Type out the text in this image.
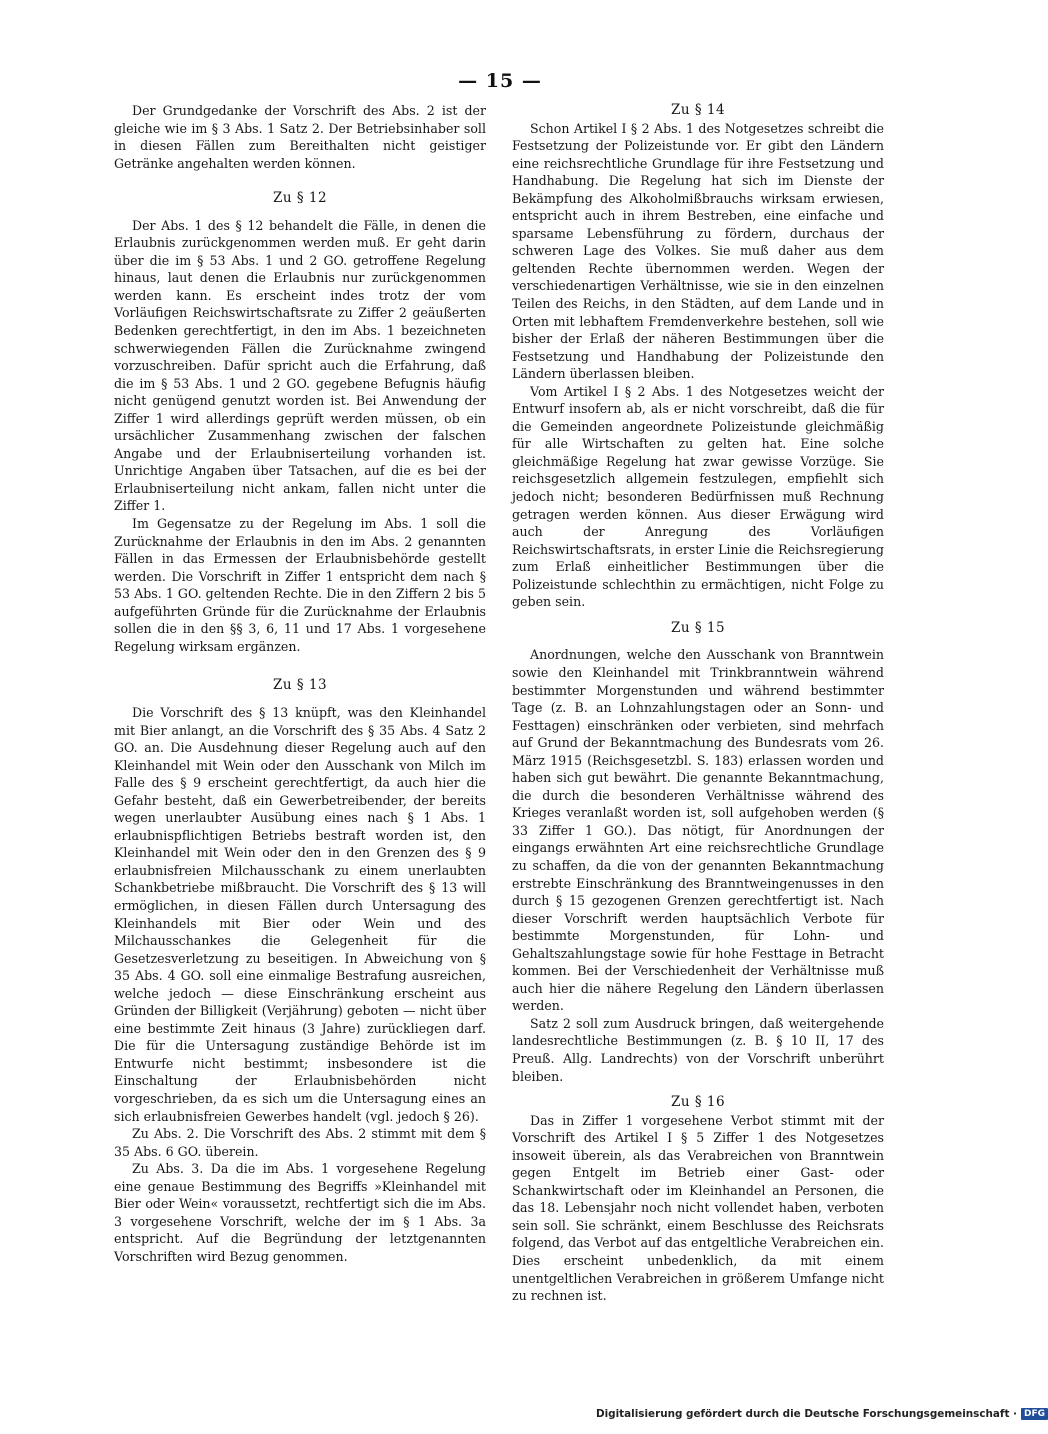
— 15 —

Der Grundgedanke der Vorschrift des Abs. 2 ist der gleiche wie im § 3 Abs. 1 Satz 2. Der Betriebsinhaber soll in diesen Fällen zum Bereithalten nicht geistiger Getränke angehalten werden können.

Zu § 12

Der Abs. 1 des § 12 behandelt die Fälle, in denen die Erlaubnis zurückgenommen werden muß. Er geht darin über die im § 53 Abs. 1 und 2 GO. getroffene Regelung hinaus, laut denen die Erlaubnis nur zurückgenommen werden kann. Es erscheint indes trotz der vom Vorläufigen Reichswirtschaftsrate zu Ziffer 2 geäußerten Bedenken gerechtfertigt, in den im Abs. 1 bezeichneten schwerwiegenden Fällen die Zurücknahme zwingend vorzuschreiben. Dafür spricht auch die Erfahrung, daß die im § 53 Abs. 1 und 2 GO. gegebene Befugnis häufig nicht genügend genutzt worden ist. Bei Anwendung der Ziffer 1 wird allerdings geprüft werden müssen, ob ein ursächlicher Zusammenhang zwischen der falschen Angabe und der Erlaubniserteilung vorhanden ist. Unrichtige Angaben über Tatsachen, auf die es bei der Erlaubniserteilung nicht ankam, fallen nicht unter die Ziffer 1.

Im Gegensatze zu der Regelung im Abs. 1 soll die Zurücknahme der Erlaubnis in den im Abs. 2 genannten Fällen in das Ermessen der Erlaubnisbehörde gestellt werden. Die Vorschrift in Ziffer 1 entspricht dem nach § 53 Abs. 1 GO. geltenden Rechte. Die in den Ziffern 2 bis 5 aufgeführten Gründe für die Zurücknahme der Erlaubnis sollen die in den §§ 3, 6, 11 und 17 Abs. 1 vorgesehene Regelung wirksam ergänzen.

Zu § 13

Die Vorschrift des § 13 knüpft, was den Kleinhandel mit Bier anlangt, an die Vorschrift des § 35 Abs. 4 Satz 2 GO. an. Die Ausdehnung dieser Regelung auch auf den Kleinhandel mit Wein oder den Ausschank von Milch im Falle des § 9 erscheint gerechtfertigt, da auch hier die Gefahr besteht, daß ein Gewerbetreibender, der bereits wegen unerlaubter Ausübung eines nach § 1 Abs. 1 erlaubnispflichtigen Betriebs bestraft worden ist, den Kleinhandel mit Wein oder den in den Grenzen des § 9 erlaubnisfreien Milchausschank zu einem unerlaubten Schankbetriebe mißbraucht. Die Vorschrift des § 13 will ermöglichen, in diesen Fällen durch Untersagung des Kleinhandels mit Bier oder Wein und des Milchausschankes die Gelegenheit für die Gesetzesverletzung zu beseitigen. In Abweichung von § 35 Abs. 4 GO. soll eine einmalige Bestrafung ausreichen, welche jedoch — diese Einschränkung erscheint aus Gründen der Billigkeit (Verjährung) geboten — nicht über eine bestimmte Zeit hinaus (3 Jahre) zurückliegen darf. Die für die Untersagung zuständige Behörde ist im Entwurfe nicht bestimmt; insbesondere ist die Einschaltung der Erlaubnisbehörden nicht vorgeschrieben, da es sich um die Untersagung eines an sich erlaubnisfreien Gewerbes handelt (vgl. jedoch § 26).

Zu Abs. 2. Die Vorschrift des Abs. 2 stimmt mit dem § 35 Abs. 6 GO. überein.

Zu Abs. 3. Da die im Abs. 1 vorgesehene Regelung eine genaue Bestimmung des Begriffs »Kleinhandel mit Bier oder Wein« voraussetzt, rechtfertigt sich die im Abs. 3 vorgesehene Vorschrift, welche der im § 1 Abs. 3a entspricht. Auf die Begründung der letztgenannten Vorschriften wird Bezug genommen.

Zu § 14

Schon Artikel I § 2 Abs. 1 des Notgesetzes schreibt die Festsetzung der Polizeistunde vor. Er gibt den Ländern eine reichsrechtliche Grundlage für ihre Festsetzung und Handhabung. Die Regelung hat sich im Dienste der Bekämpfung des Alkoholmißbrauchs wirksam erwiesen, entspricht auch in ihrem Bestreben, eine einfache und sparsame Lebensführung zu fördern, durchaus der schweren Lage des Volkes. Sie muß daher aus dem geltenden Rechte übernommen werden. Wegen der verschiedenartigen Verhältnisse, wie sie in den einzelnen Teilen des Reichs, in den Städten, auf dem Lande und in Orten mit lebhaftem Fremdenverkehre bestehen, soll wie bisher der Erlaß der näheren Bestimmungen über die Festsetzung und Handhabung der Polizeistunde den Ländern überlassen bleiben.

Vom Artikel I § 2 Abs. 1 des Notgesetzes weicht der Entwurf insofern ab, als er nicht vorschreibt, daß die für die Gemeinden angeordnete Polizeistunde gleichmäßig für alle Wirtschaften zu gelten hat. Eine solche gleichmäßige Regelung hat zwar gewisse Vorzüge. Sie reichsgesetzlich allgemein festzulegen, empfiehlt sich jedoch nicht; besonderen Bedürfnissen muß Rechnung getragen werden können. Aus dieser Erwägung wird auch der Anregung des Vorläufigen Reichswirtschaftsrats, in erster Linie die Reichsregierung zum Erlaß einheitlicher Bestimmungen über die Polizeistunde schlechthin zu ermächtigen, nicht Folge zu geben sein.

Zu § 15

Anordnungen, welche den Ausschank von Branntwein sowie den Kleinhandel mit Trinkbranntwein während bestimmter Morgenstunden und während bestimmter Tage (z. B. an Lohnzahlungstagen oder an Sonn- und Festtagen) einschränken oder verbieten, sind mehrfach auf Grund der Bekanntmachung des Bundesrats vom 26. März 1915 (Reichsgesetzbl. S. 183) erlassen worden und haben sich gut bewährt. Die genannte Bekanntmachung, die durch die besonderen Verhältnisse während des Krieges veranlaßt worden ist, soll aufgehoben werden (§ 33 Ziffer 1 GO.). Das nötigt, für Anordnungen der eingangs erwähnten Art eine reichsrechtliche Grundlage zu schaffen, da die von der genannten Bekanntmachung erstrebte Einschränkung des Branntweingenusses in den durch § 15 gezogenen Grenzen gerechtfertigt ist. Nach dieser Vorschrift werden hauptsächlich Verbote für bestimmte Morgenstunden, für Lohn- und Gehaltszahlungstage sowie für hohe Festtage in Betracht kommen. Bei der Verschiedenheit der Verhältnisse muß auch hier die nähere Regelung den Ländern überlassen werden.

Satz 2 soll zum Ausdruck bringen, daß weitergehende landesrechtliche Bestimmungen (z. B. § 10 II, 17 des Preuß. Allg. Landrechts) von der Vorschrift unberührt bleiben.

Zu § 16

Das in Ziffer 1 vorgesehene Verbot stimmt mit der Vorschrift des Artikel I § 5 Ziffer 1 des Notgesetzes insoweit überein, als das Verabreichen von Branntwein gegen Entgelt im Betrieb einer Gast- oder Schankwirtschaft oder im Kleinhandel an Personen, die das 18. Lebensjahr noch nicht vollendet haben, verboten sein soll. Sie schränkt, einem Beschlusse des Reichsrats folgend, das Verbot auf das entgeltliche Verabreichen ein. Dies erscheint unbedenklich, da mit einem unentgeltlichen Verabreichen in größerem Umfange nicht zu rechnen ist.

Digitalisierung gefördert durch die Deutsche Forschungsgemeinschaft · DFG
